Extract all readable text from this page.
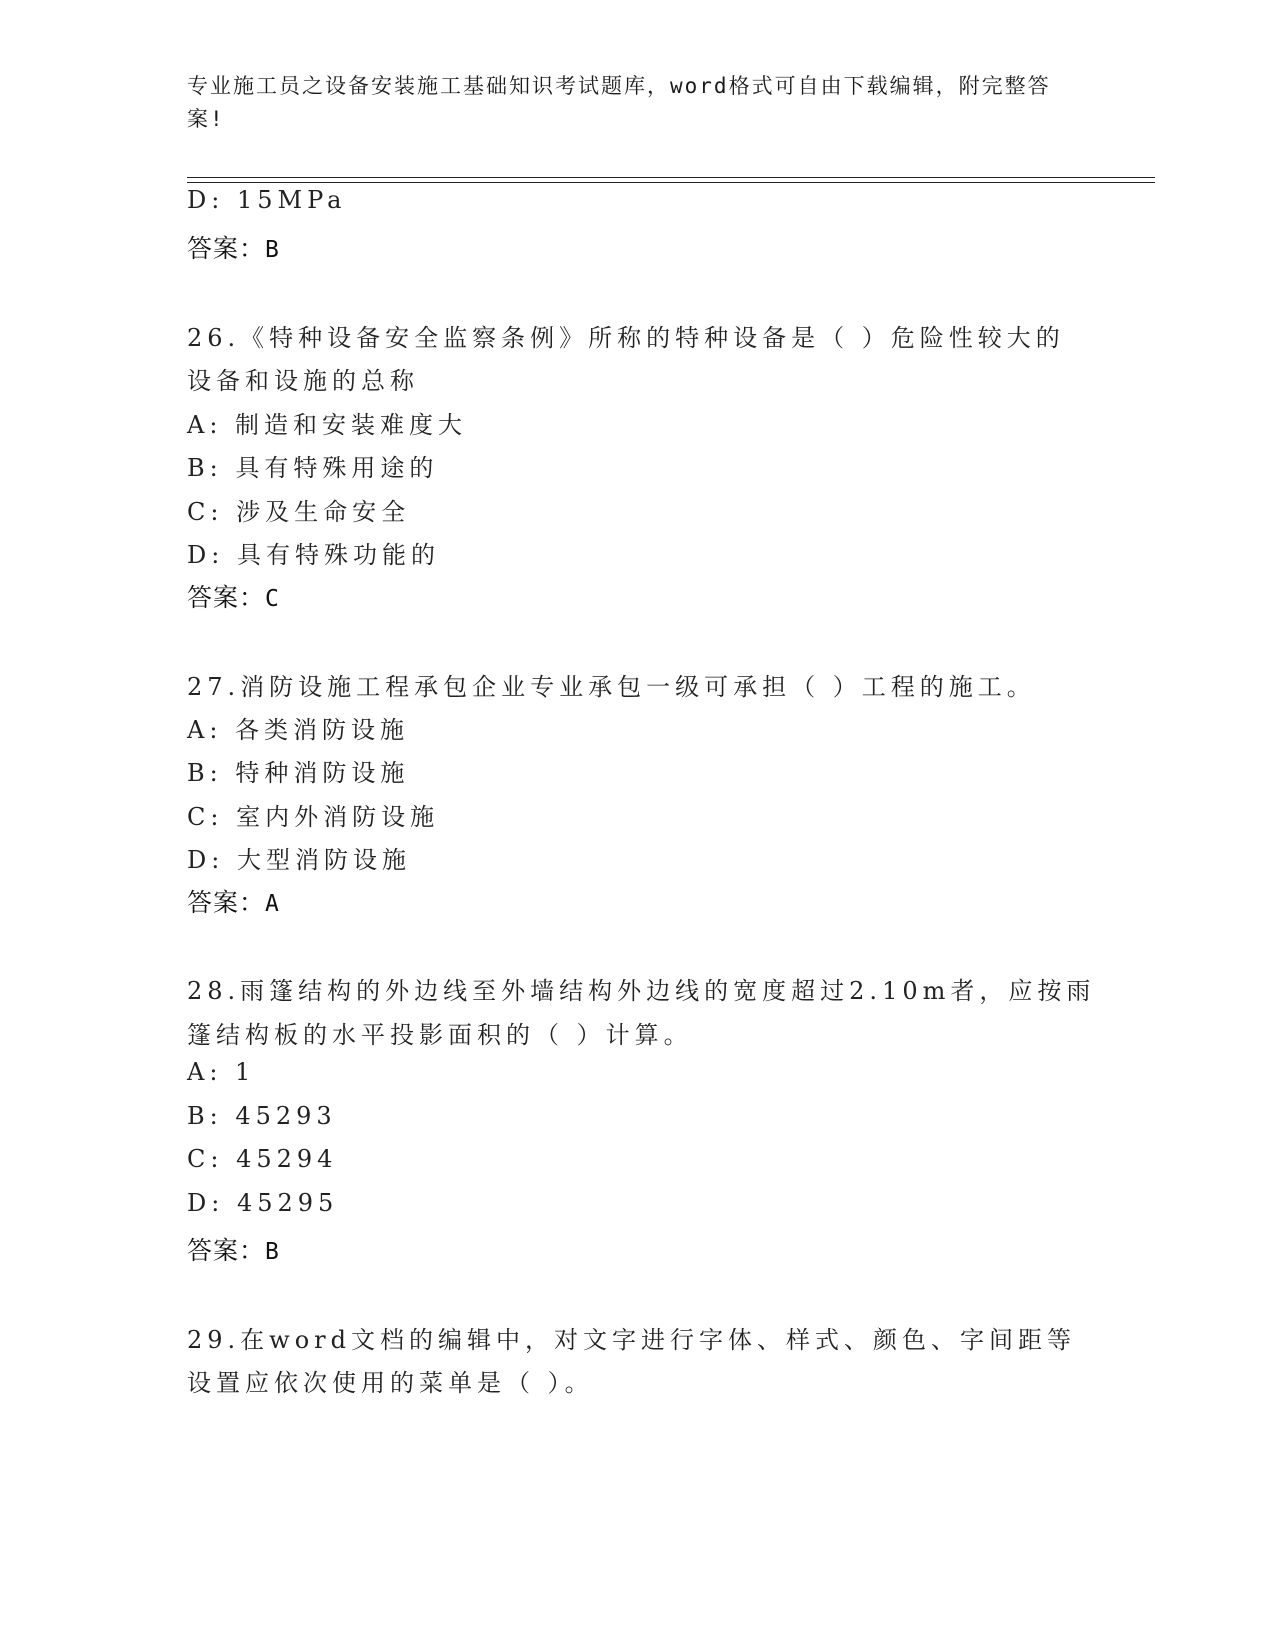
专业施工员之设备安装施工基础知识考试题库，word格式可自由下载编辑，附完整答案!
D: 15MPa
答案：B
26.《特种设备安全监察条例》所称的特种设备是（ ）危险性较大的
设备和设施的总称
A: 制造和安装难度大
B: 具有特殊用途的
C: 涉及生命安全
D: 具有特殊功能的
答案：C
27.消防设施工程承包企业专业承包一级可承担（ ）工程的施工。
A: 各类消防设施
B: 特种消防设施
C: 室内外消防设施
D: 大型消防设施
答案：A
28.雨篷结构的外边线至外墙结构外边线的宽度超过2.10m者，应按雨
篷结构板的水平投影面积的（ ）计算。
A: 1
B: 45293
C: 45294
D: 45295
答案：B
29.在word文档的编辑中，对文字进行字体、样式、颜色、字间距等
设置应依次使用的菜单是（ ）。
